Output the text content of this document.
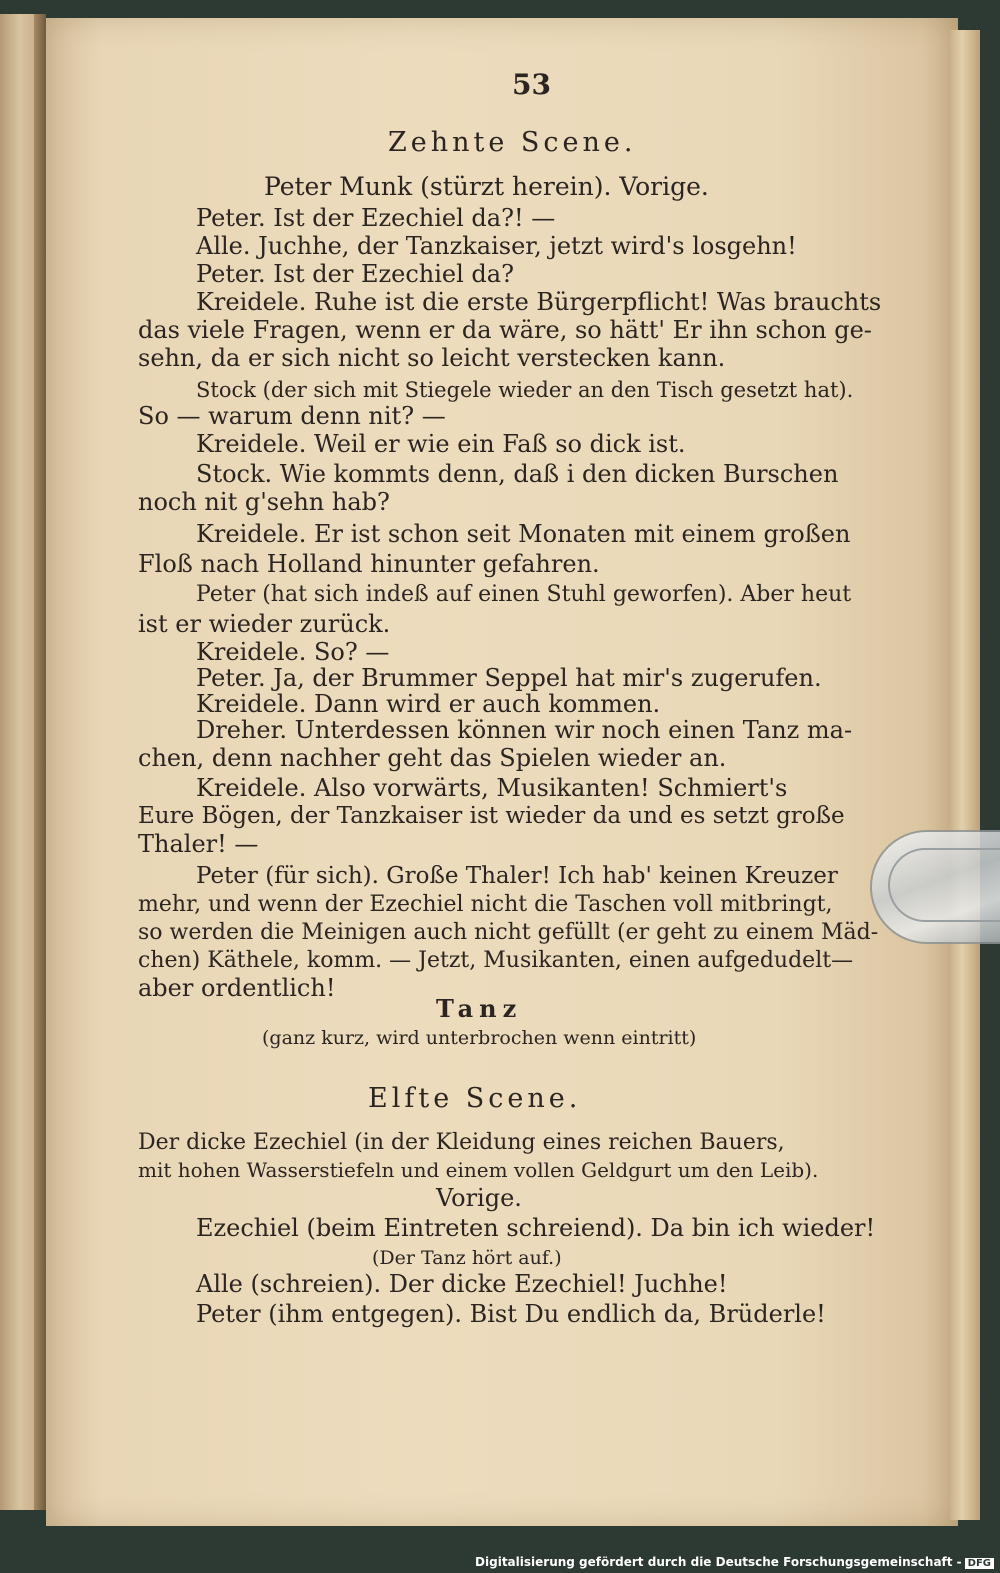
53
Zehnte Scene.
Peter Munk (stürzt herein). Vorige.
Peter. Ist der Ezechiel da?! —
Alle. Juchhe, der Tanzkaiser, jetzt wird's losgehn!
Peter. Ist der Ezechiel da?
Kreidele. Ruhe ist die erste Bürgerpflicht! Was brauchts
das viele Fragen, wenn er da wäre, so hätt' Er ihn schon ge-
sehn, da er sich nicht so leicht verstecken kann.
Stock (der sich mit Stiegele wieder an den Tisch gesetzt hat).
So — warum denn nit? —
Kreidele. Weil er wie ein Faß so dick ist.
Stock. Wie kommts denn, daß i den dicken Burschen
noch nit g'sehn hab?
Kreidele. Er ist schon seit Monaten mit einem großen
Floß nach Holland hinunter gefahren.
Peter (hat sich indeß auf einen Stuhl geworfen). Aber heut
ist er wieder zurück.
Kreidele. So? —
Peter. Ja, der Brummer Seppel hat mir's zugerufen.
Kreidele. Dann wird er auch kommen.
Dreher. Unterdessen können wir noch einen Tanz ma-
chen, denn nachher geht das Spielen wieder an.
Kreidele. Also vorwärts, Musikanten! Schmiert's
Eure Bögen, der Tanzkaiser ist wieder da und es setzt große
Thaler! —
Peter (für sich). Große Thaler! Ich hab' keinen Kreuzer
mehr, und wenn der Ezechiel nicht die Taschen voll mitbringt,
so werden die Meinigen auch nicht gefüllt (er geht zu einem Mäd-
chen) Käthele, komm. — Jetzt, Musikanten, einen aufgedudelt—
aber ordentlich!
Tanz
(ganz kurz, wird unterbrochen wenn eintritt)
Elfte Scene.
Der dicke Ezechiel (in der Kleidung eines reichen Bauers,
mit hohen Wasserstiefeln und einem vollen Geldgurt um den Leib).
Vorige.
Ezechiel (beim Eintreten schreiend). Da bin ich wieder!
(Der Tanz hört auf.)
Alle (schreien). Der dicke Ezechiel! Juchhe!
Peter (ihm entgegen). Bist Du endlich da, Brüderle!
Digitalisierung gefördert durch die Deutsche Forschungsgemeinschaft - DFG
